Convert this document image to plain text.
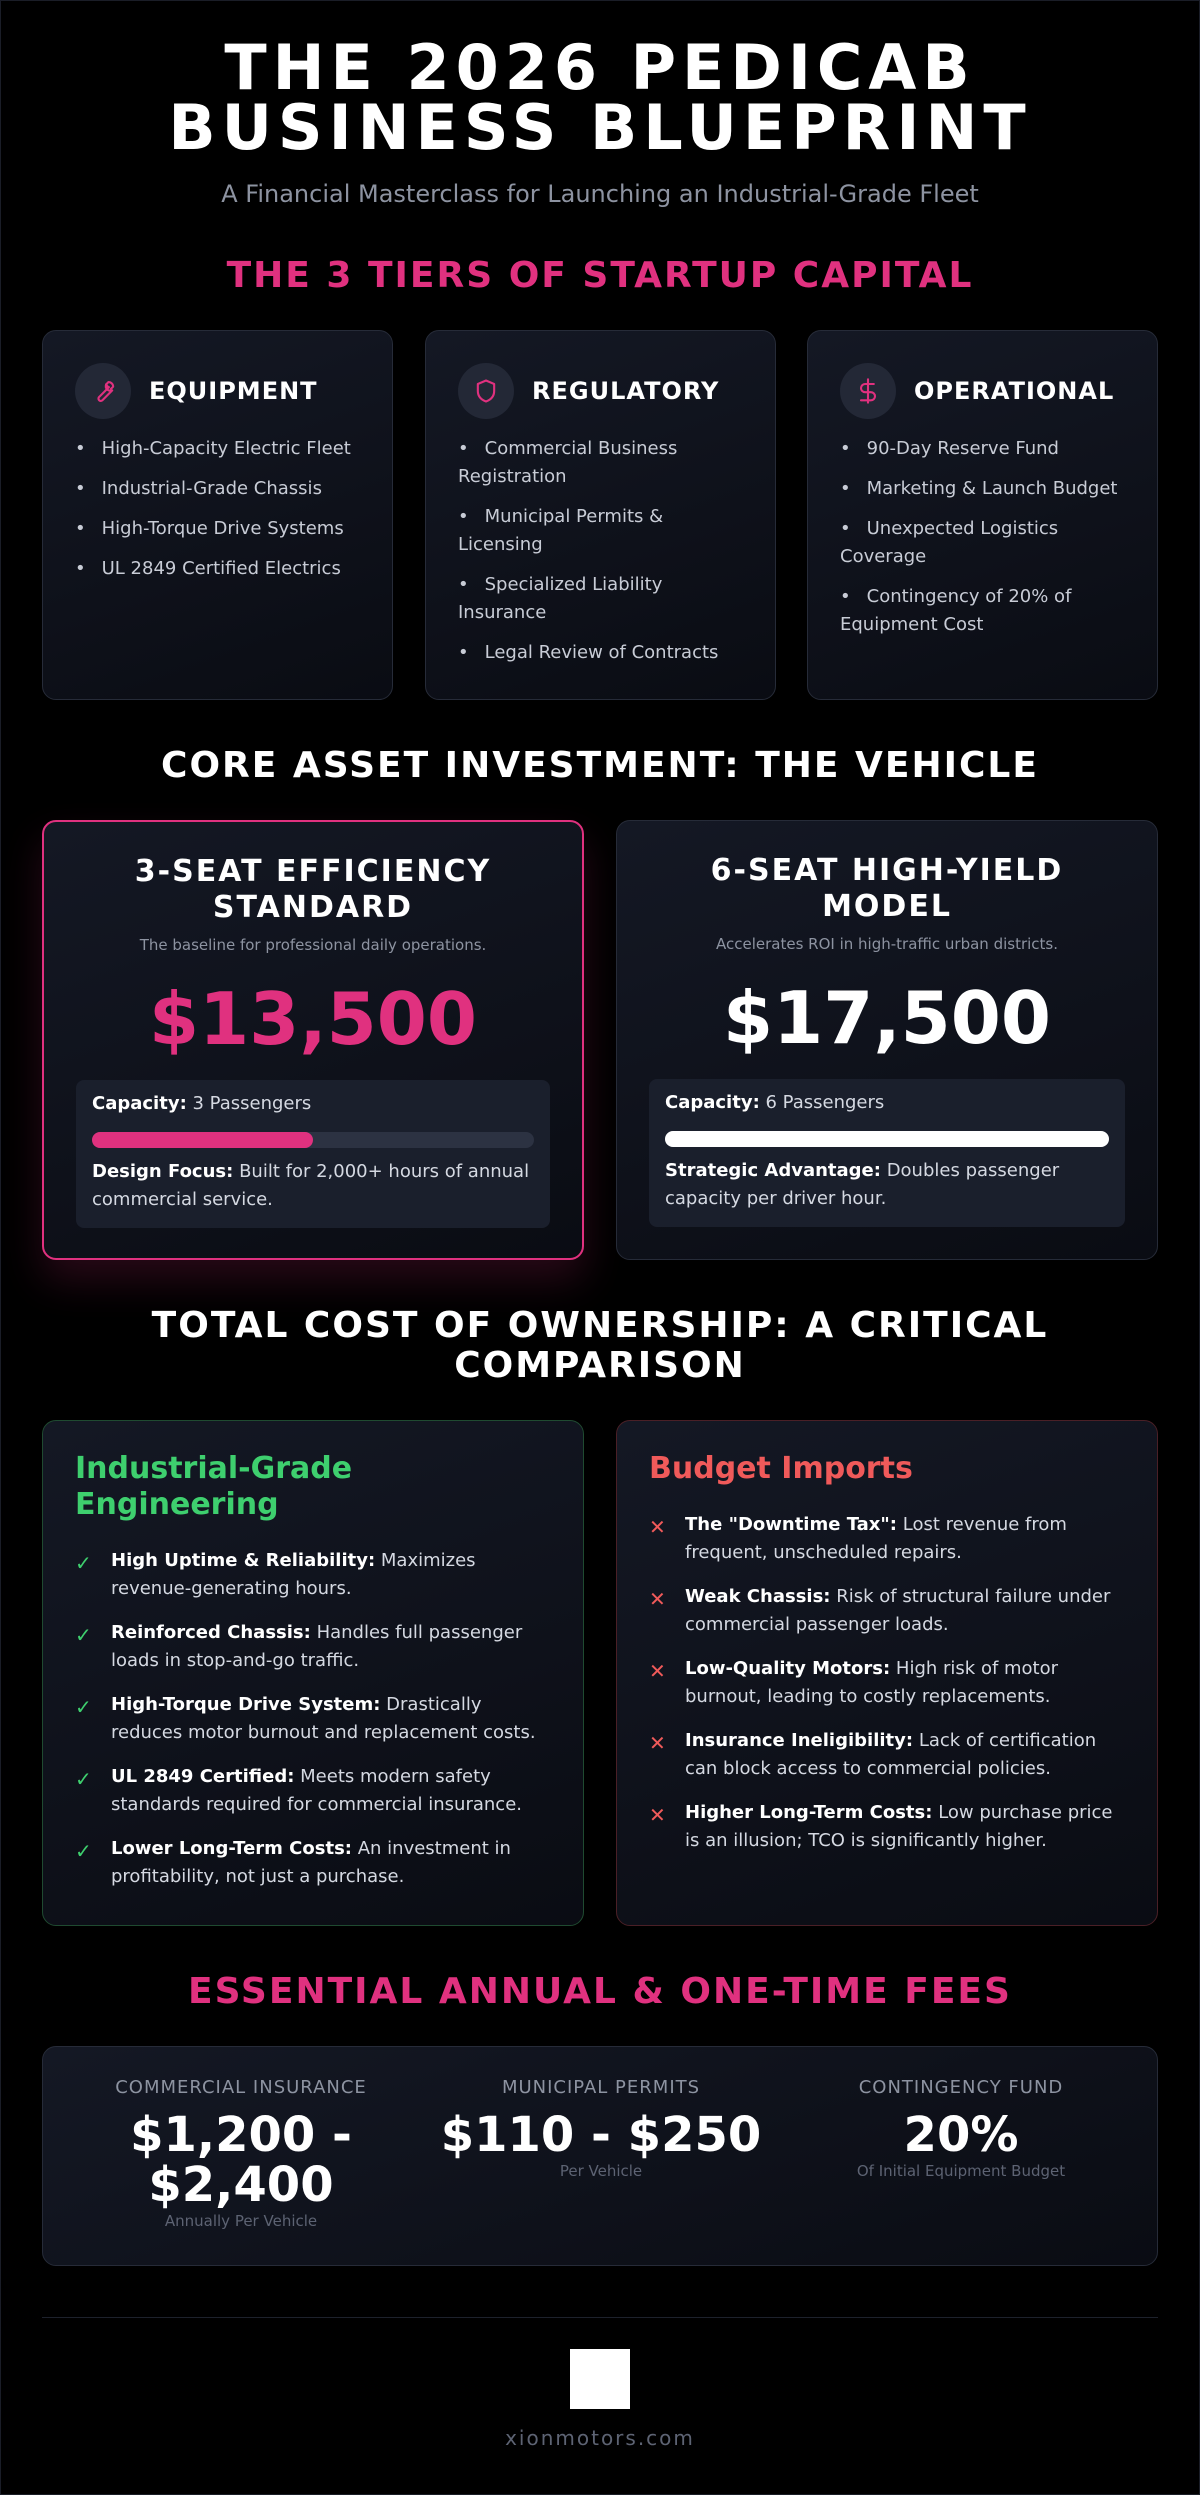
THE 2026 PEDICAB
BUSINESS BLUEPRINT
A Financial Masterclass for Launching an Industrial-Grade Fleet
THE 3 TIERS OF STARTUP CAPITAL
EQUIPMENT
• High-Capacity Electric Fleet
• Industrial-Grade Chassis
• High-Torque Drive Systems
• UL 2849 Certified Electrics
REGULATORY
• Commercial Business Registration
• Municipal Permits & Licensing
• Specialized Liability Insurance
• Legal Review of Contracts
OPERATIONAL
• 90-Day Reserve Fund
• Marketing & Launch Budget
• Unexpected Logistics Coverage
• Contingency of 20% of Equipment Cost
CORE ASSET INVESTMENT: THE VEHICLE
3-SEAT EFFICIENCY STANDARD
The baseline for professional daily operations.
$13,500
Capacity: 3 Passengers
Design Focus: Built for 2,000+ hours of annual commercial service.
6-SEAT HIGH-YIELD MODEL
Accelerates ROI in high-traffic urban districts.
$17,500
Capacity: 6 Passengers
Strategic Advantage: Doubles passenger capacity per driver hour.
TOTAL COST OF OWNERSHIP: A CRITICAL
COMPARISON
Industrial-Grade
Engineering
✓ High Uptime & Reliability: Maximizes revenue-generating hours.
✓ Reinforced Chassis: Handles full passenger loads in stop-and-go traffic.
✓ High-Torque Drive System: Drastically reduces motor burnout and replacement costs.
✓ UL 2849 Certified: Meets modern safety standards required for commercial insurance.
✓ Lower Long-Term Costs: An investment in profitability, not just a purchase.
Budget Imports
✕ The "Downtime Tax": Lost revenue from frequent, unscheduled repairs.
✕ Weak Chassis: Risk of structural failure under commercial passenger loads.
✕ Low-Quality Motors: High risk of motor burnout, leading to costly replacements.
✕ Insurance Ineligibility: Lack of certification can block access to commercial policies.
✕ Higher Long-Term Costs: Low purchase price is an illusion; TCO is significantly higher.
ESSENTIAL ANNUAL & ONE-TIME FEES
COMMERCIAL INSURANCE
$1,200 -
$2,400
Annually Per Vehicle
MUNICIPAL PERMITS
$110 - $250
Per Vehicle
CONTINGENCY FUND
20%
Of Initial Equipment Budget
xionmotors.com
